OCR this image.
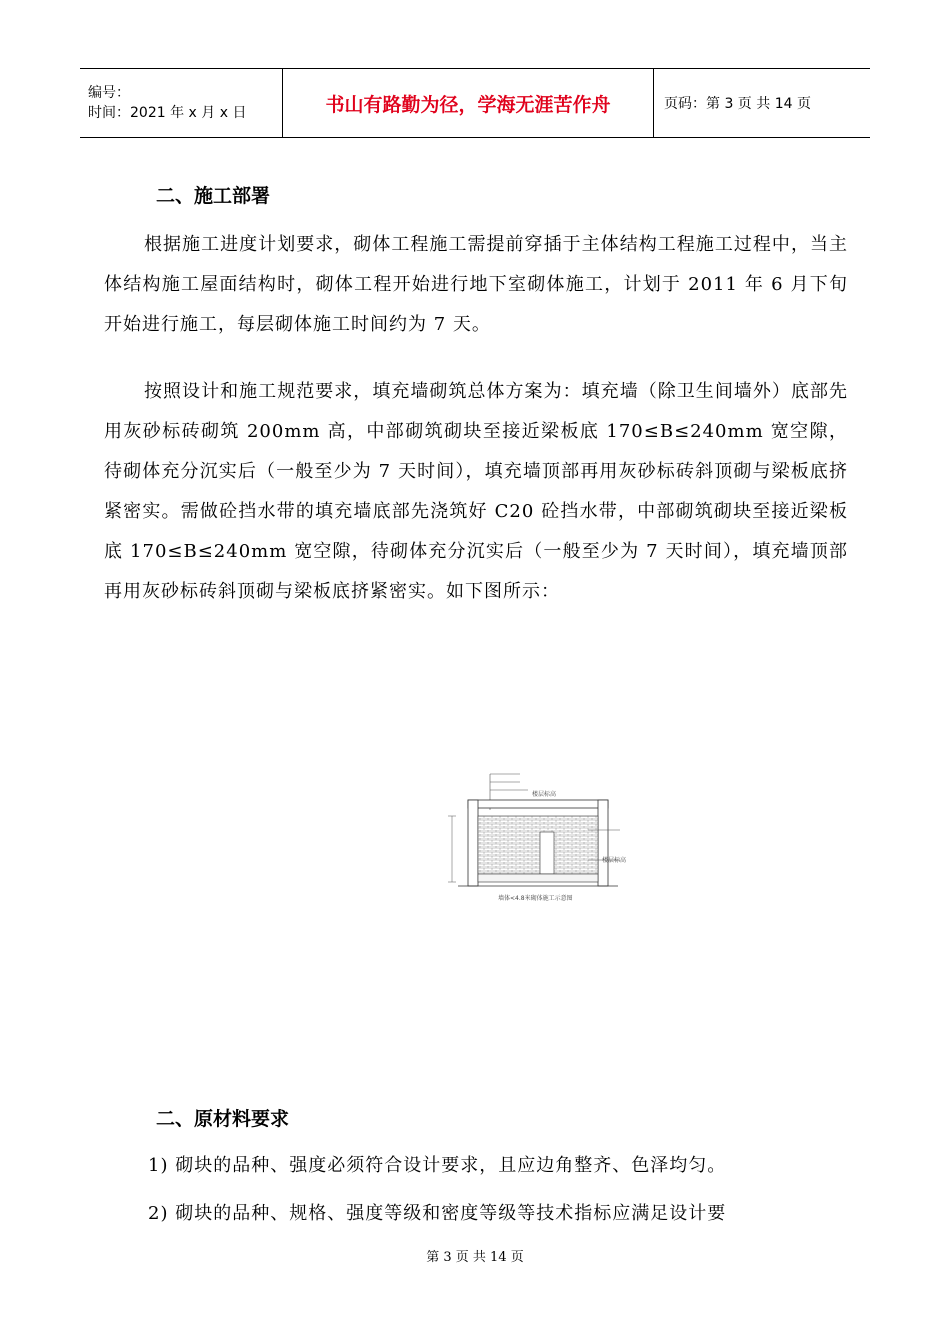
编号：
时间：2021 年 x 月 x 日	书山有路勤为径，学海无涯苦作舟	页码：第 3 页 共 14 页
二、施工部署

根据施工进度计划要求，砌体工程施工需提前穿插于主体结构工程施工过程中，当主体结构施工屋面结构时，砌体工程开始进行地下室砌体施工，计划于 2011 年 6 月下旬开始进行施工，每层砌体施工时间约为 7 天。

按照设计和施工规范要求，填充墙砌筑总体方案为：填充墙（除卫生间墙外）底部先用灰砂标砖砌筑 200mm 高，中部砌筑砌块至接近梁板底 170≤B≤240mm 宽空隙，待砌体充分沉实后（一般至少为 7 天时间），填充墙顶部再用灰砂标砖斜顶砌与梁板底挤紧密实。需做砼挡水带的填充墙底部先浇筑好 C20 砼挡水带，中部砌筑砌块至接近梁板底 170≤B≤240mm 宽空隙，待砌体充分沉实后（一般至少为 7 天时间），填充墙顶部再用灰砂标砖斜顶砌与梁板底挤紧密实。如下图所示：

楼层标高
楼层标高
墙体<4.8米砌体施工示意图
二、原材料要求

1) 砌块的品种、强度必须符合设计要求，且应边角整齐、色泽均匀。

2) 砌块的品种、规格、强度等级和密度等级等技术指标应满足设计要

第 3 页 共 14 页
